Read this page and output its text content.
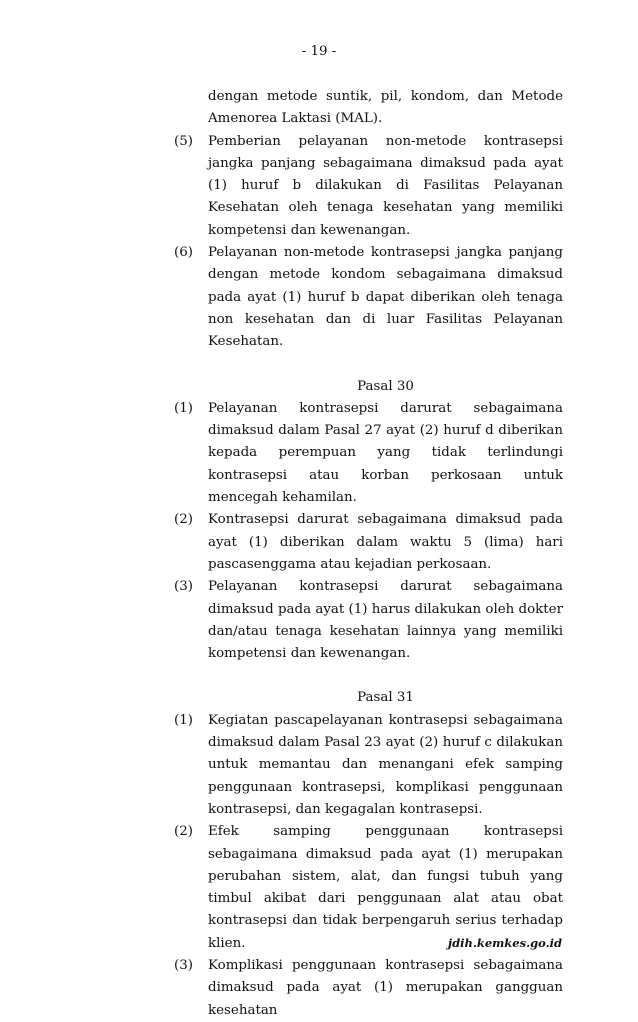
- 19 -
dengan metode suntik, pil, kondom, dan Metode Amenorea Laktasi (MAL).
(5) Pemberian pelayanan non-metode kontrasepsi jangka panjang sebagaimana dimaksud pada ayat (1) huruf b dilakukan di Fasilitas Pelayanan Kesehatan oleh tenaga kesehatan yang memiliki kompetensi dan kewenangan.
(6) Pelayanan non-metode kontrasepsi jangka panjang dengan metode kondom sebagaimana dimaksud pada ayat (1) huruf b dapat diberikan oleh tenaga non kesehatan dan di luar Fasilitas Pelayanan Kesehatan.
Pasal 30
(1) Pelayanan kontrasepsi darurat sebagaimana dimaksud dalam Pasal 27 ayat (2) huruf d diberikan kepada perempuan yang tidak terlindungi kontrasepsi atau korban perkosaan untuk mencegah kehamilan.
(2) Kontrasepsi darurat sebagaimana dimaksud pada ayat (1) diberikan dalam waktu 5 (lima) hari pascasenggama atau kejadian perkosaan.
(3) Pelayanan kontrasepsi darurat sebagaimana dimaksud pada ayat (1) harus dilakukan oleh dokter dan/atau tenaga kesehatan lainnya yang memiliki kompetensi dan kewenangan.
Pasal 31
(1) Kegiatan pascapelayanan kontrasepsi sebagaimana dimaksud dalam Pasal 23 ayat (2) huruf c dilakukan untuk memantau dan menangani efek samping penggunaan kontrasepsi, komplikasi penggunaan kontrasepsi, dan kegagalan kontrasepsi.
(2) Efek samping penggunaan kontrasepsi sebagaimana dimaksud pada ayat (1) merupakan perubahan sistem, alat, dan fungsi tubuh yang timbul akibat dari penggunaan alat atau obat kontrasepsi dan tidak berpengaruh serius terhadap klien.
(3) Komplikasi penggunaan kontrasepsi sebagaimana dimaksud pada ayat (1) merupakan gangguan kesehatan
jdih.kemkes.go.id
